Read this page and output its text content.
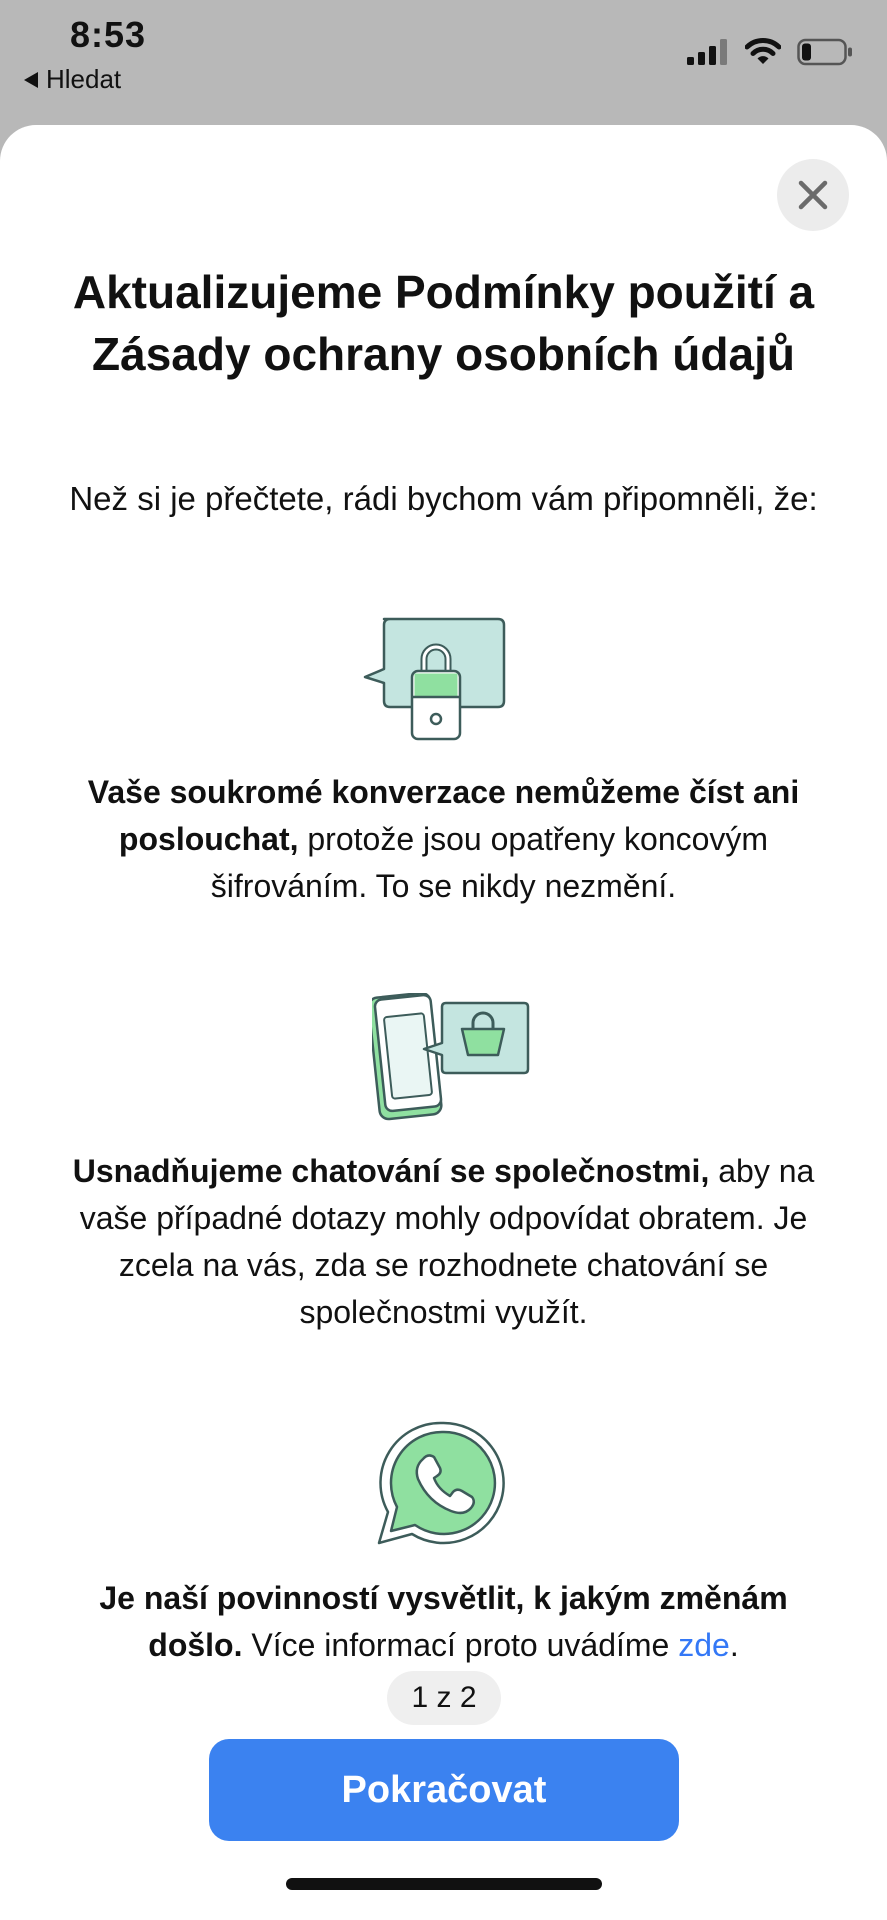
8:53
Hledat
Aktualizujeme Podmínky použití a Zásady ochrany osobních údajů
Než si je přečtete, rádi bychom vám připomněli, že:
Vaše soukromé konverzace nemůžeme číst ani poslouchat, protože jsou opatřeny koncovým šifrováním. To se nikdy nezmění.
Usnadňujeme chatování se společnostmi, aby na vaše případné dotazy mohly odpovídat obratem. Je zcela na vás, zda se rozhodnete chatování se společnostmi využít.
Je naší povinností vysvětlit, k jakým změnám došlo. Více informací proto uvádíme zde.
1 z 2
Pokračovat
